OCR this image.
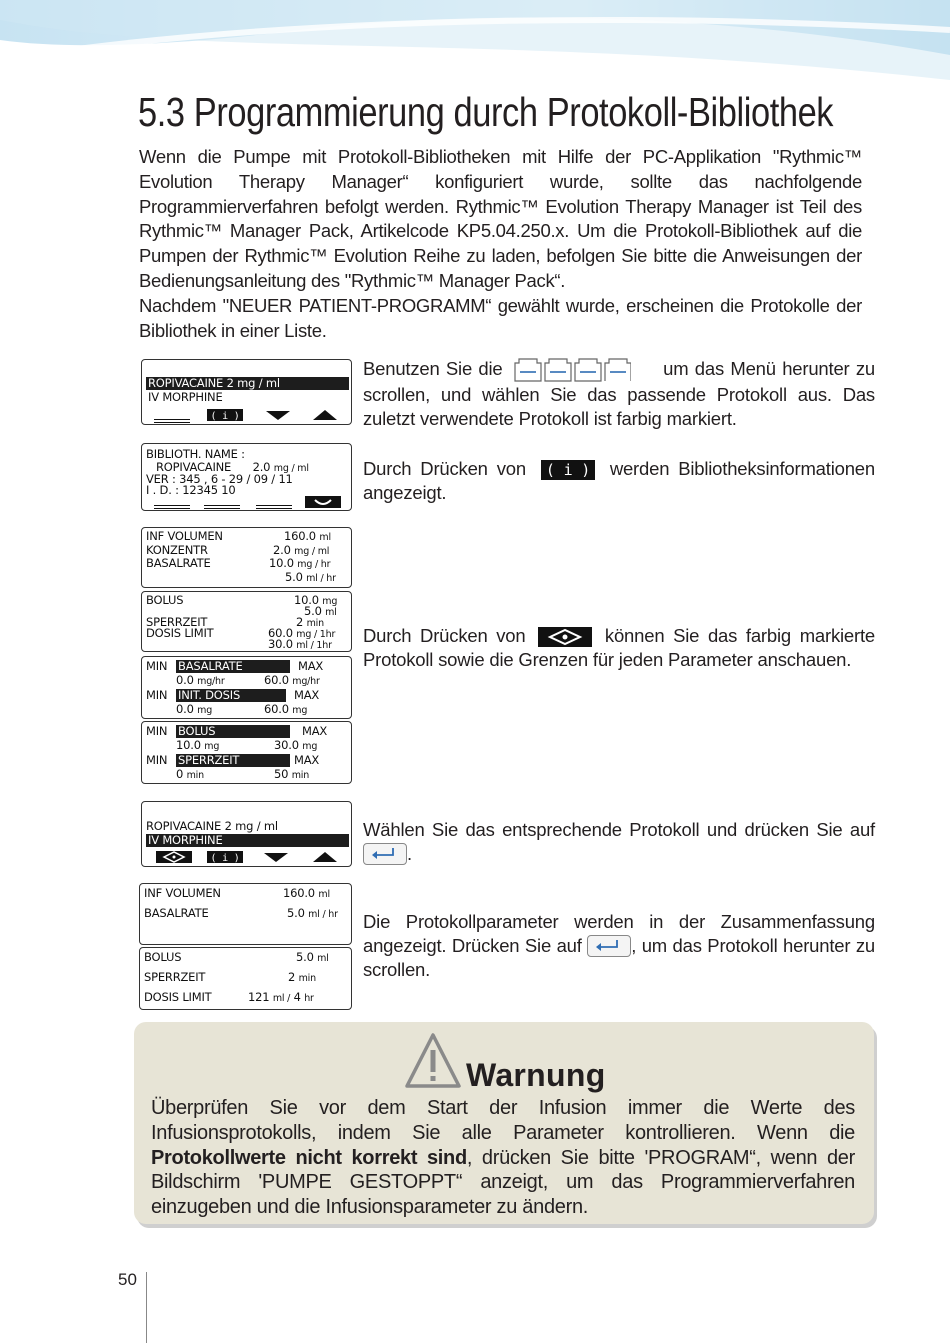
5.3 Programmierung durch Protokoll-Bibliothek

Wenn die Pumpe mit Protokoll-Bibliotheken mit Hilfe der PC-Applikation "Rythmic™ Evolution Therapy Manager“ konfiguriert wurde, sollte das nachfolgende Programmierverfahren befolgt werden. Rythmic™ Evolution Therapy Manager ist Teil des Rythmic™ Manager Pack, Artikelcode KP5.04.250.x. Um die Protokoll-Bibliothek auf die Pumpen der Rythmic™ Evolution Reihe zu laden, befolgen Sie bitte die Anweisungen der Bedienungsanleitung des "Rythmic™ Manager Pack“.

Nachdem "NEUER PATIENT-PROGRAMM“ gewählt wurde, erscheinen die Protokolle der Bibliothek in einer Liste.

ROPIVACAINE 2 mg / ml
IV MORPHINE
( i )
BIBLIOTH. NAME :
ROPIVACAINE 2.0 mg / ml
VER : 345 , 6 - 29 / 09 / 11
I . D. : 12345 10
INF VOLUMEN	160.0 ml
KONZENTR	2.0 mg / ml
BASALRATE	10.0 mg / hr
5.0 ml / hr
BOLUS	10.0 mg
5.0 ml
SPERRZEIT	2 min
DOSIS LIMIT	60.0 mg / 1hr
30.0 ml / 1hr
MIN BASALRATE	MAX
0.0 mg/hr	60.0 mg/hr
MIN INIT. DOSIS	MAX
0.0 mg	60.0 mg
MIN BOLUS	MAX
10.0 mg	30.0 mg
MIN SPERRZEIT	MAX
0 min	50 min
ROPIVACAINE 2 mg / ml
IV MORPHINE
( i )
INF VOLUMEN	160.0 ml
BASALRATE	5.0 ml / hr
BOLUS	5.0 ml
SPERRZEIT	2 min
DOSIS LIMIT	121 ml / 4 hr

Benutzen Sie die	um das Menü herunter zu scrollen, und wählen Sie das passende Protokoll aus. Das zuletzt verwendete Protokoll ist farbig markiert.

Durch Drücken von ( i ) werden Bibliotheksinformationen angezeigt.

Durch Drücken von	können Sie das farbig markierte Protokoll sowie die Grenzen für jeden Parameter anschauen.

Wählen Sie das entsprechende Protokoll und drücken Sie auf
.

Die Protokollparameter werden in der Zusammenfassung angezeigt. Drücken Sie auf	, um das Protokoll herunter zu scrollen.

Warnung
Überprüfen Sie vor dem Start der Infusion immer die Werte des Infusionsprotokolls, indem Sie alle Parameter kontrollieren. Wenn die Protokollwerte nicht korrekt sind, drücken Sie bitte 'PROGRAM“, wenn der Bildschirm 'PUMPE GESTOPPT“ anzeigt, um das Programmierverfahren einzugeben und die Infusionsparameter zu ändern.
50
